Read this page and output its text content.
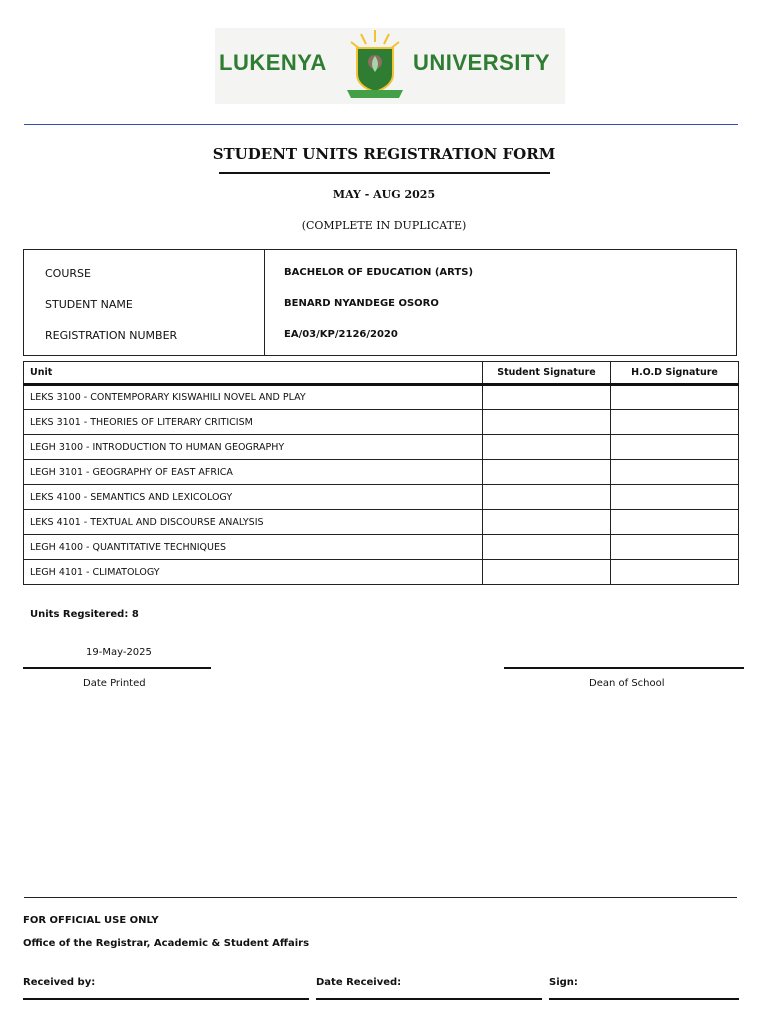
LUKENYA	UNIVERSITY
STUDENT UNITS REGISTRATION FORM
MAY - AUG 2025
(COMPLETE IN DUPLICATE)
COURSE	BACHELOR OF EDUCATION (ARTS)
STUDENT NAME	BENARD NYANDEGE OSORO
REGISTRATION NUMBER	EA/03/KP/2126/2020
Unit	Student Signature	H.O.D Signature
LEKS 3100 - CONTEMPORARY KISWAHILI NOVEL AND PLAY		
LEKS 3101 - THEORIES OF LITERARY CRITICISM		
LEGH 3100 - INTRODUCTION TO HUMAN GEOGRAPHY		
LEGH 3101 - GEOGRAPHY OF EAST AFRICA		
LEKS 4100 - SEMANTICS AND LEXICOLOGY		
LEKS 4101 - TEXTUAL AND DISCOURSE ANALYSIS		
LEGH 4100 - QUANTITATIVE TECHNIQUES		
LEGH 4101 - CLIMATOLOGY		
Units Regsitered: 8
19-May-2025
Date Printed	Dean of School
FOR OFFICIAL USE ONLY
Office of the Registrar, Academic & Student Affairs
Received by:	Date Received:	Sign:
